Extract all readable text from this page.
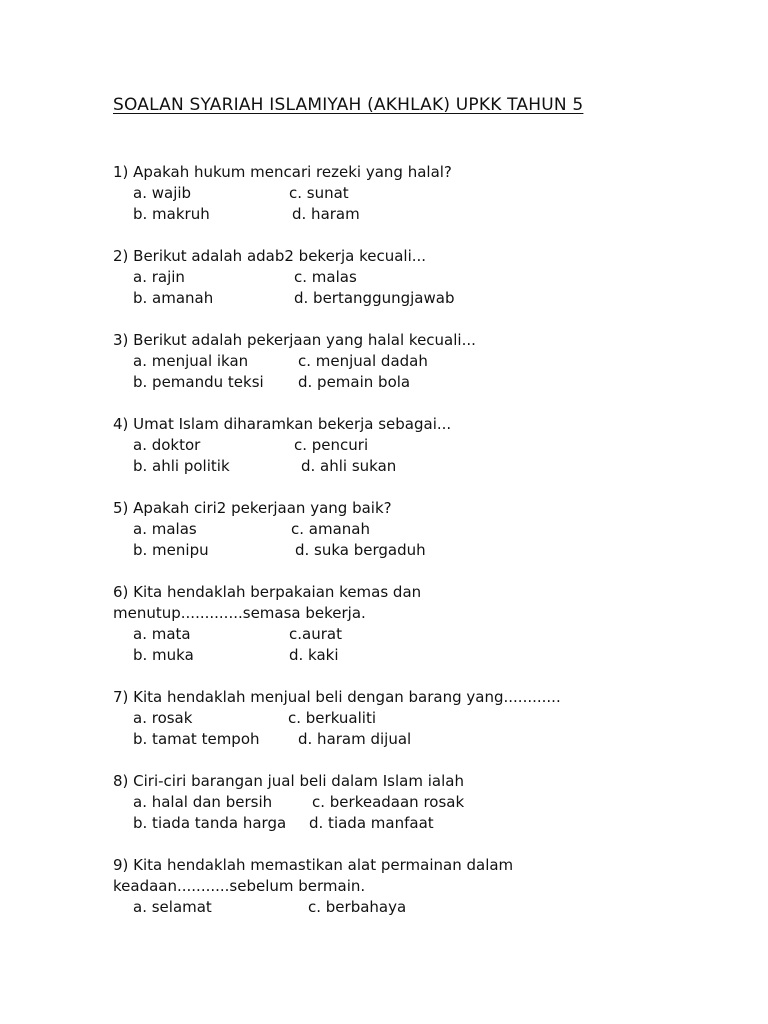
SOALAN SYARIAH ISLAMIYAH (AKHLAK) UPKK TAHUN 5
1) Apakah hukum mencari rezeki yang halal?
a. wajib	c. sunat
b. makruh	d. haram
2) Berikut adalah adab2 bekerja kecuali...
a. rajin	c. malas
b. amanah	d. bertanggungjawab
3) Berikut adalah pekerjaan yang halal kecuali...
a. menjual ikan	c. menjual dadah
b. pemandu teksi d. pemain bola
4) Umat Islam diharamkan bekerja sebagai...
a. doktor	c. pencuri
b. ahli politik	d. ahli sukan
5) Apakah ciri2 pekerjaan yang baik?
a. malas	c. amanah
b. menipu	d. suka bergaduh
6) Kita hendaklah berpakaian kemas dan
menutup.............semasa bekerja.
a. mata	c.aurat
b. muka	d. kaki
7) Kita hendaklah menjual beli dengan barang yang............
a. rosak	c. berkualiti
b. tamat tempoh	d. haram dijual
8) Ciri-ciri barangan jual beli dalam Islam ialah
a. halal dan bersih	c. berkeadaan rosak
b. tiada tanda harga d. tiada manfaat
9) Kita hendaklah memastikan alat permainan dalam
keadaan...........sebelum bermain.
a. selamat	c. berbahaya
